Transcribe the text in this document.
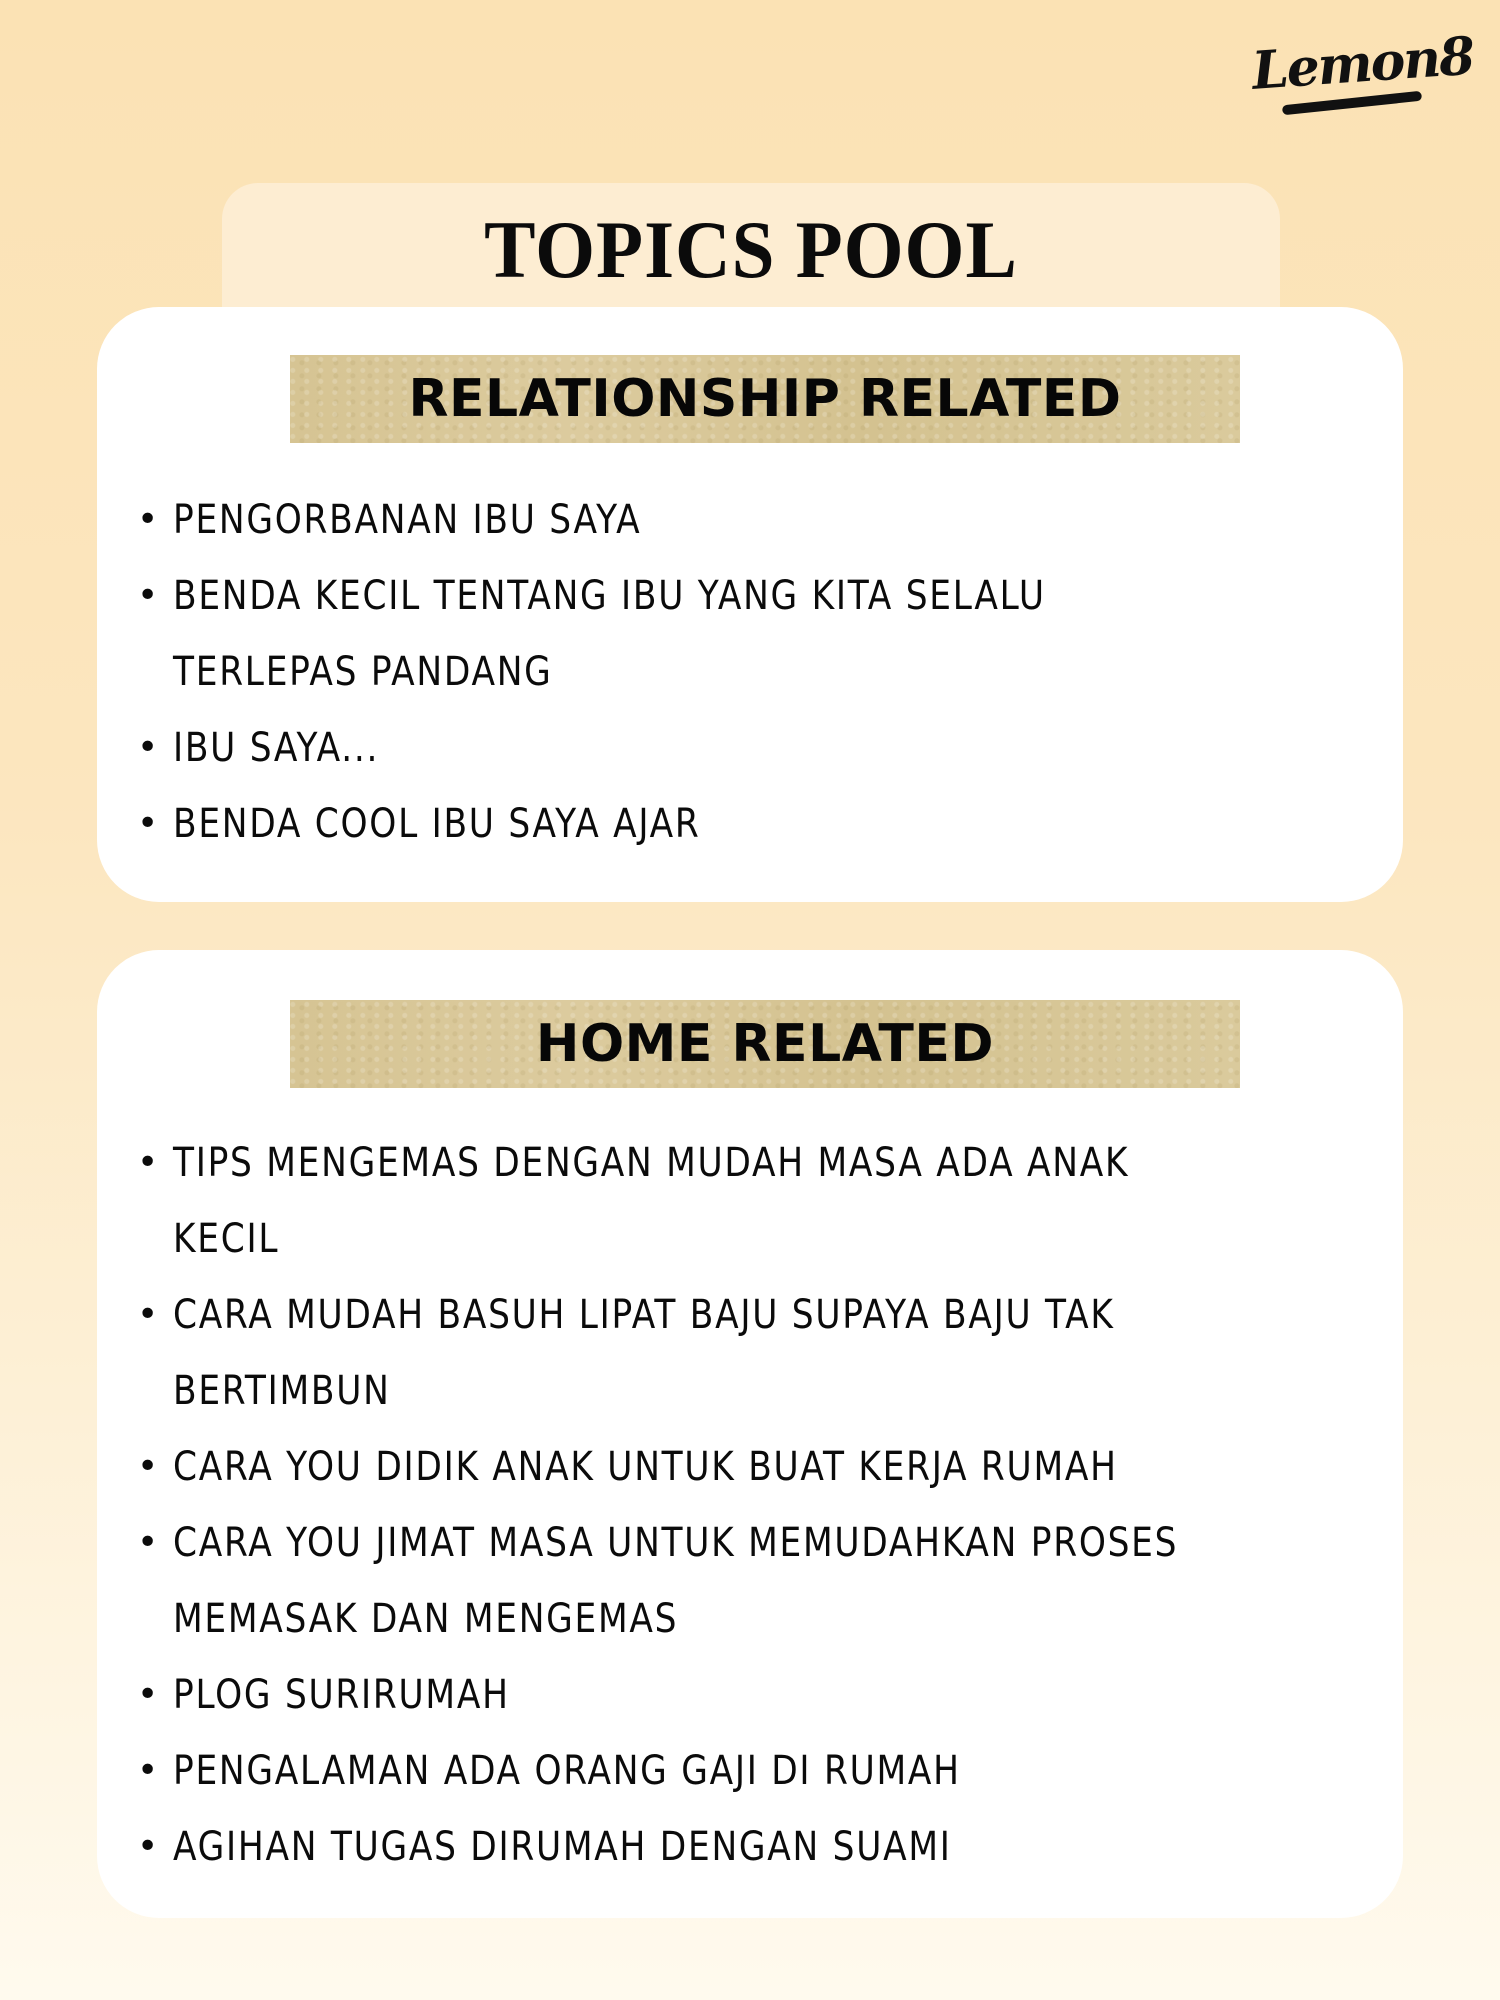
Lemon8
TOPICS POOL
RELATIONSHIP RELATED
• PENGORBANAN IBU SAYA
• BENDA KECIL TENTANG IBU YANG KITA SELALU
TERLEPAS PANDANG
• IBU SAYA...
• BENDA COOL IBU SAYA AJAR
HOME RELATED
• TIPS MENGEMAS DENGAN MUDAH MASA ADA ANAK
KECIL
• CARA MUDAH BASUH LIPAT BAJU SUPAYA BAJU TAK
BERTIMBUN
• CARA YOU DIDIK ANAK UNTUK BUAT KERJA RUMAH
• CARA YOU JIMAT MASA UNTUK MEMUDAHKAN PROSES
MEMASAK DAN MENGEMAS
• PLOG SURIRUMAH
• PENGALAMAN ADA ORANG GAJI DI RUMAH
• AGIHAN TUGAS DIRUMAH DENGAN SUAMI
